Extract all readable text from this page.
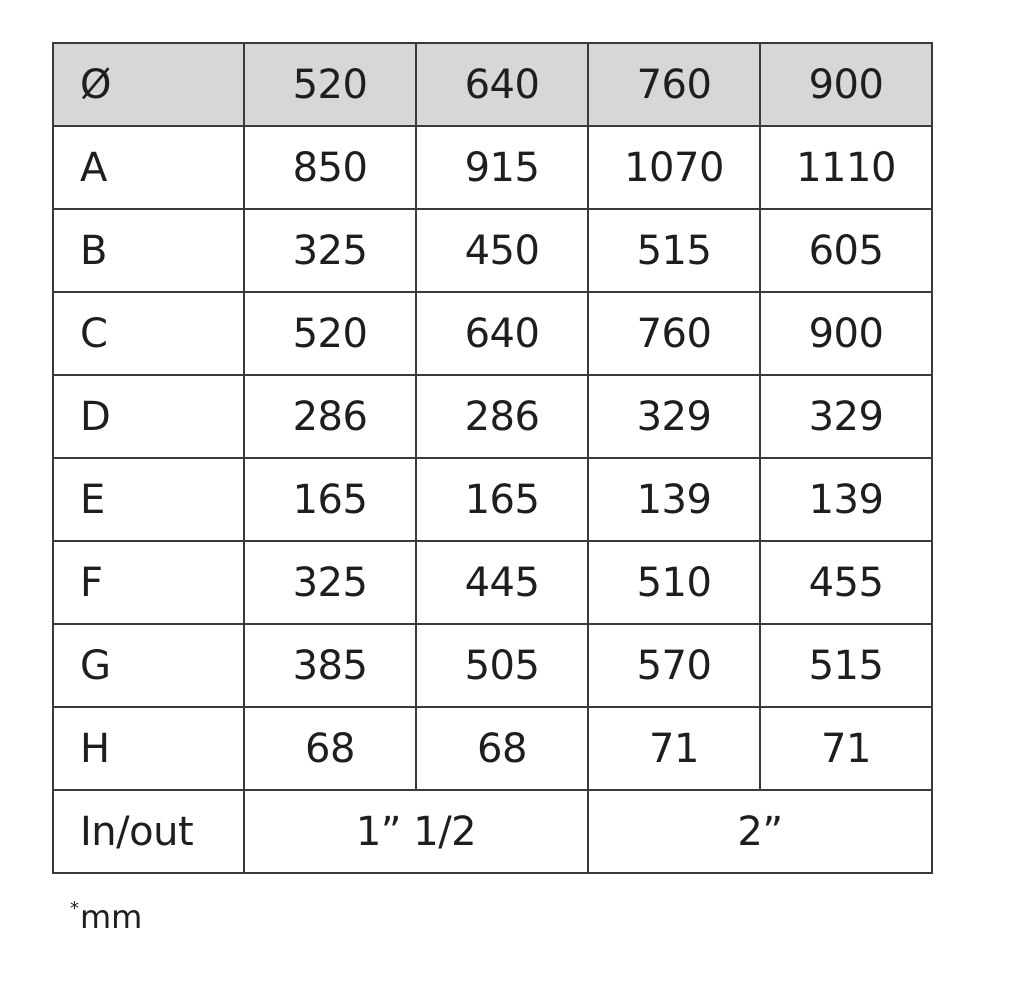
Ø	520	640	760	900
A	850	915	1070	1110
B	325	450	515	605
C	520	640	760	900
D	286	286	329	329
E	165	165	139	139
F	325	445	510	455
G	385	505	570	515
H	68	68	71	71
In/out	1” 1/2		2”	
*mm
